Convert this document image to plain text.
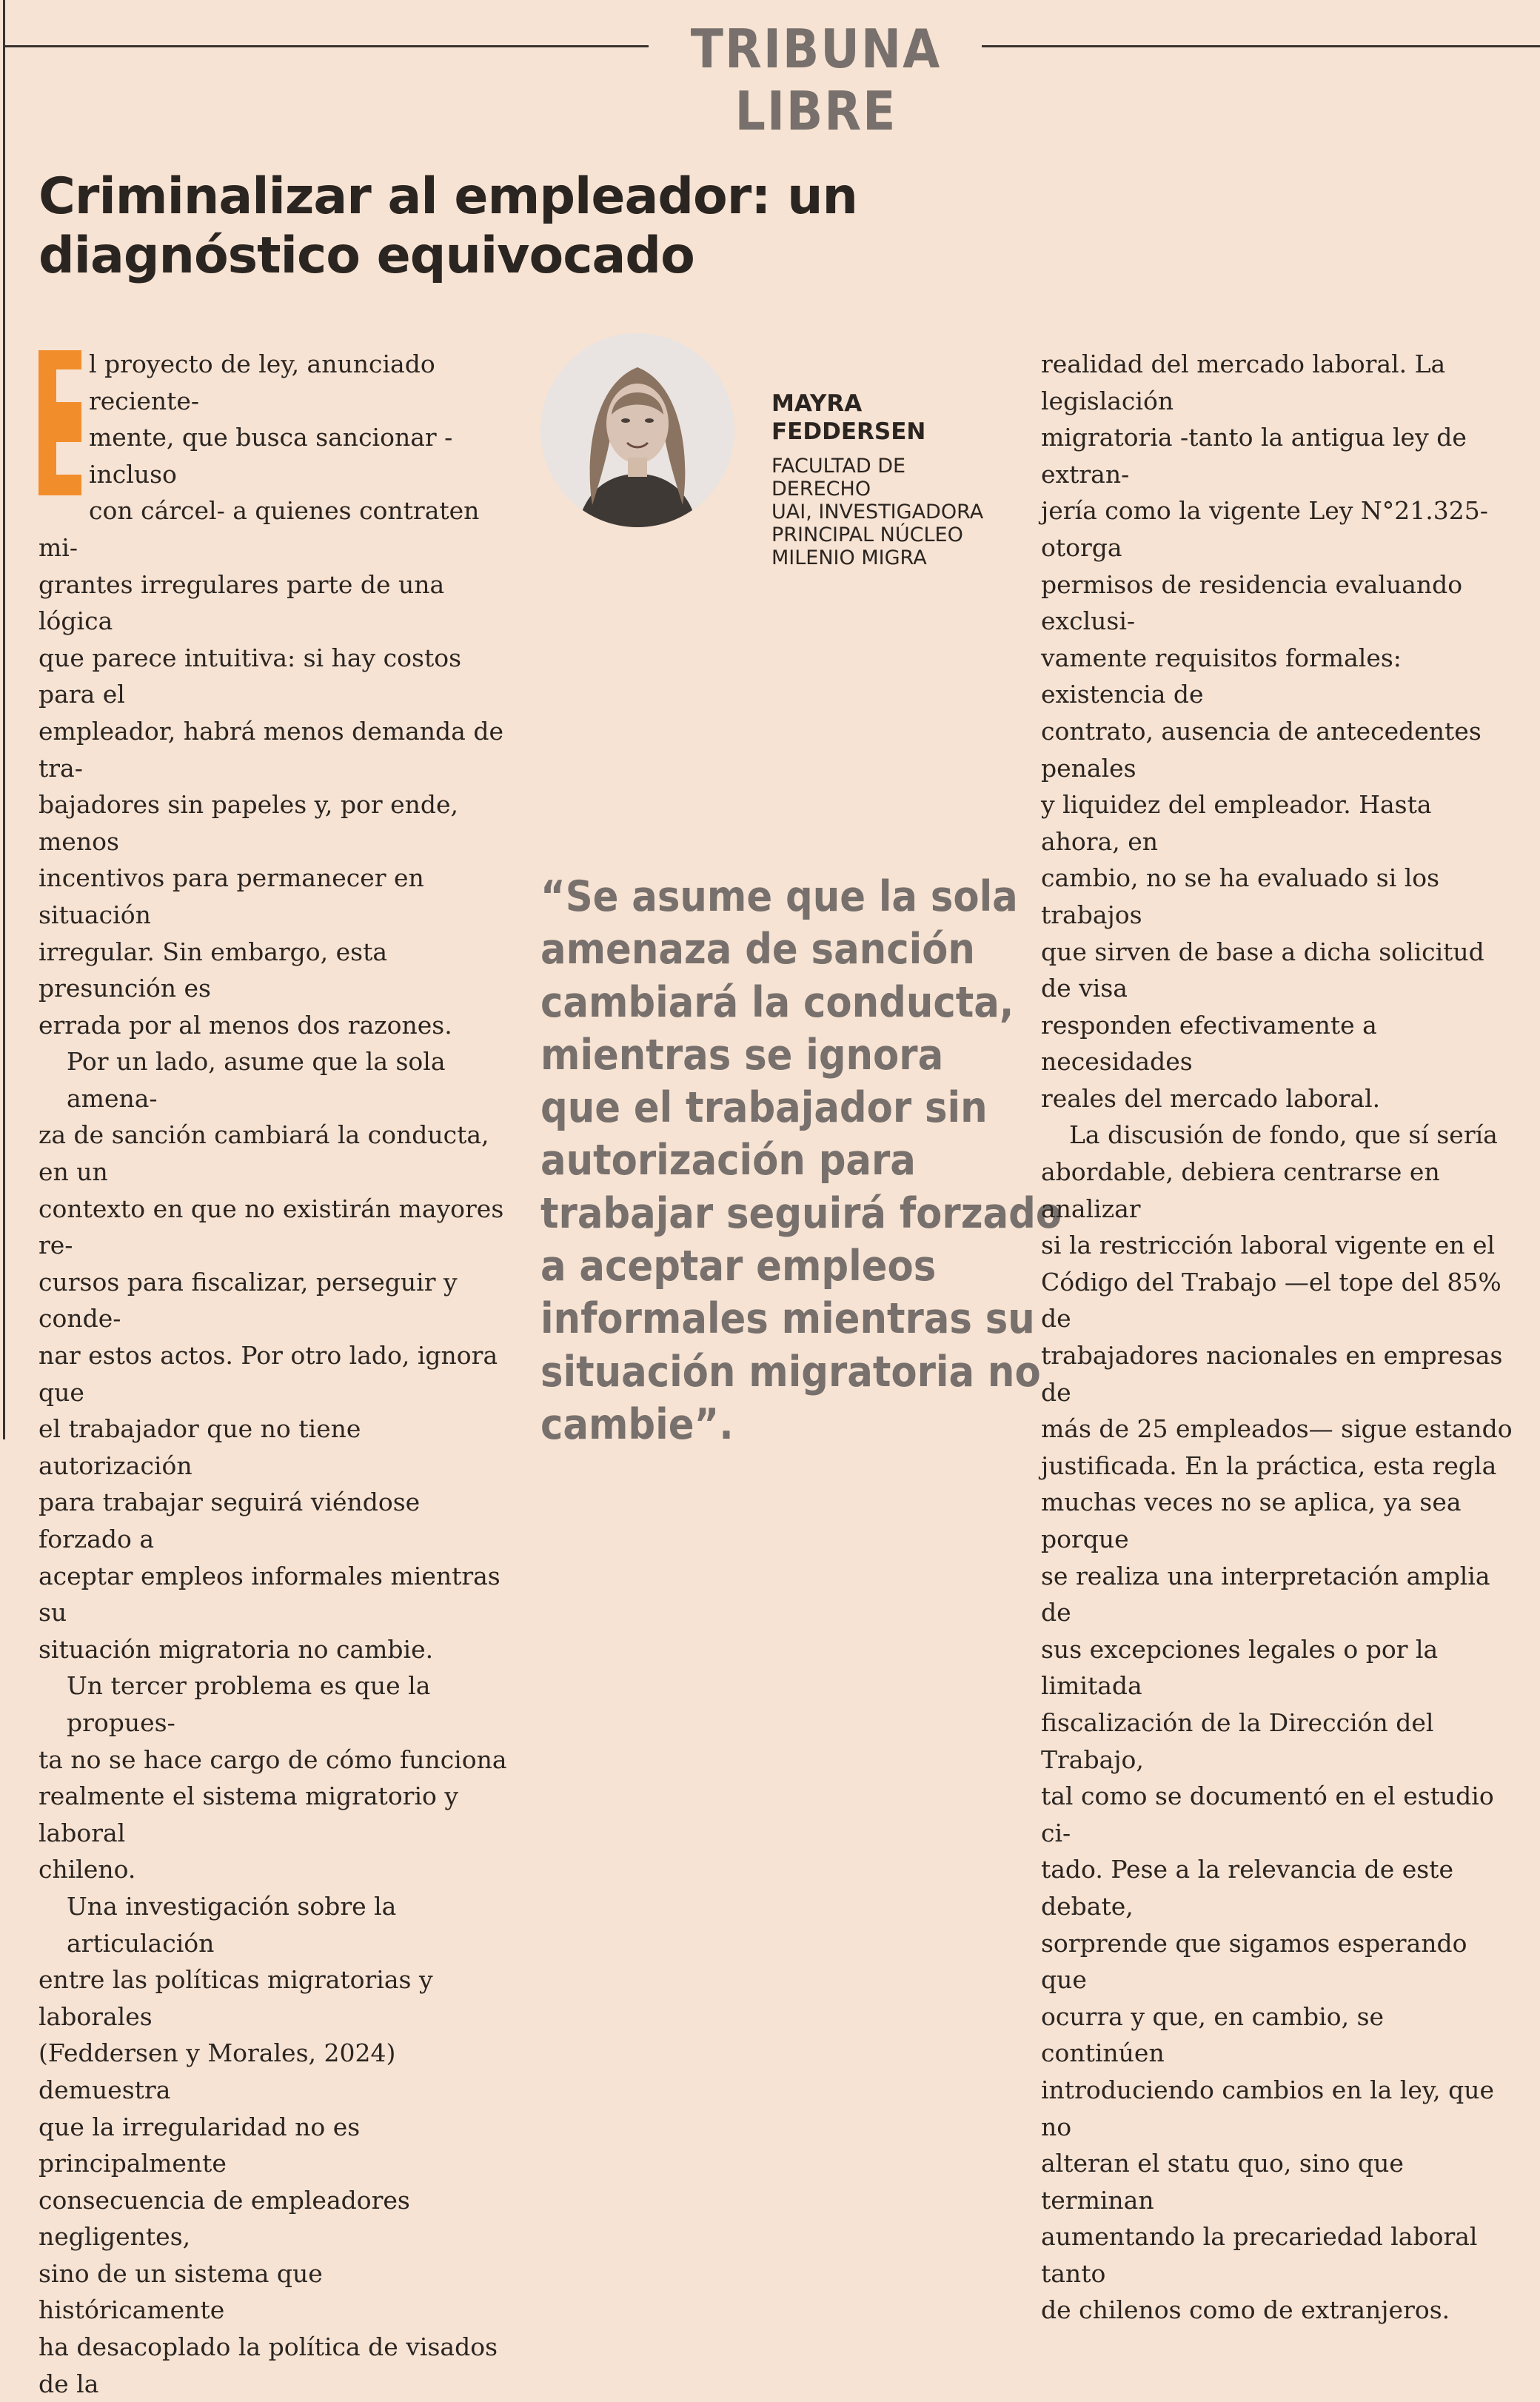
TRIBUNA LIBRE
Criminalizar al empleador: un
diagnóstico equivocado

l proyecto de ley, anunciado reciente-
mente, que busca sancionar -incluso
con cárcel- a quienes contraten mi-
grantes irregulares parte de una lógica
que parece intuitiva: si hay costos para el
empleador, habrá menos demanda de tra-
bajadores sin papeles y, por ende, menos
incentivos para permanecer en situación
irregular. Sin embargo, esta presunción es
errada por al menos dos razones.

Por un lado, asume que la sola amena-
za de sanción cambiará la conducta, en un
contexto en que no existirán mayores re-
cursos para fiscalizar, perseguir y conde-
nar estos actos. Por otro lado, ignora que
el trabajador que no tiene autorización
para trabajar seguirá viéndose forzado a
aceptar empleos informales mientras su
situación migratoria no cambie.

Un tercer problema es que la propues-
ta no se hace cargo de cómo funciona
realmente el sistema migratorio y laboral
chileno.

Una investigación sobre la articulación
entre las políticas migratorias y laborales
(Feddersen y Morales, 2024) demuestra
que la irregularidad no es principalmente
consecuencia de empleadores negligentes,
sino de un sistema que históricamente
ha desacoplado la política de visados de la

MAYRA
FEDDERSEN
FACULTAD DE DERECHO
UAI, INVESTIGADORA
PRINCIPAL NÚCLEO
MILENIO MIGRA
“Se asume que la sola
amenaza de sanción
cambiará la conducta,
mientras se ignora
que el trabajador sin
autorización para
trabajar seguirá forzado
a aceptar empleos
informales mientras su
situación migratoria no
cambie”.

realidad del mercado laboral. La legislación
migratoria -tanto la antigua ley de extran-
jería como la vigente Ley N°21.325- otorga
permisos de residencia evaluando exclusi-
vamente requisitos formales: existencia de
contrato, ausencia de antecedentes penales
y liquidez del empleador. Hasta ahora, en
cambio, no se ha evaluado si los trabajos
que sirven de base a dicha solicitud de visa
responden efectivamente a necesidades
reales del mercado laboral.

La discusión de fondo, que sí sería
abordable, debiera centrarse en analizar
si la restricción laboral vigente en el
Código del Trabajo —el tope del 85% de
trabajadores nacionales en empresas de
más de 25 empleados— sigue estando
justificada. En la práctica, esta regla
muchas veces no se aplica, ya sea porque
se realiza una interpretación amplia de
sus excepciones legales o por la limitada
fiscalización de la Dirección del Trabajo,
tal como se documentó en el estudio ci-
tado. Pese a la relevancia de este debate,
sorprende que sigamos esperando que
ocurra y que, en cambio, se continúen
introduciendo cambios en la ley, que no
alteran el statu quo, sino que terminan
aumentando la precariedad laboral tanto
de chilenos como de extranjeros.
